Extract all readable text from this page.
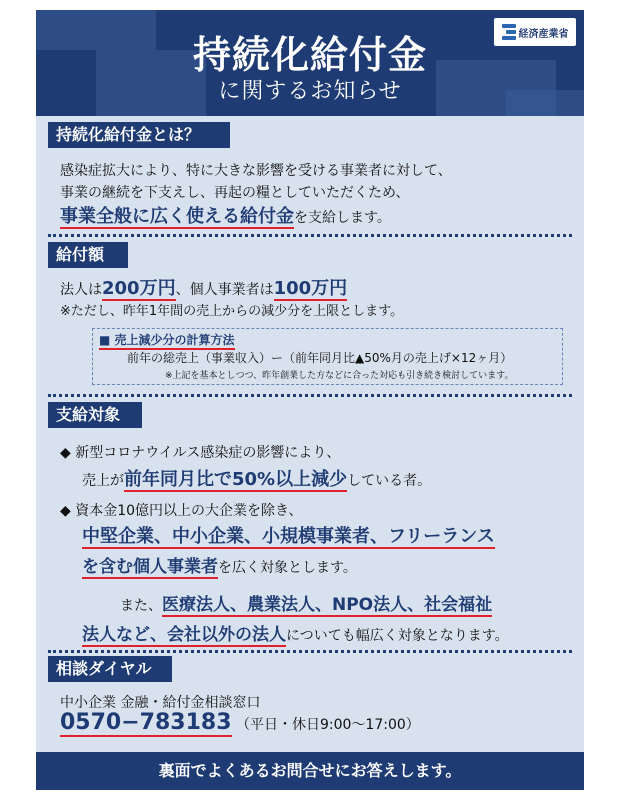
経済産業省
持続化給付金
に関するお知らせ
持続化給付金とは？
感染症拡大により、特に大きな影響を受ける事業者に対して、
事業の継続を下支えし、再起の糧としていただくため、
事業全般に広く使える給付金を支給します。
給付額
法人は200万円、個人事業者は100万円
※ただし、昨年1年間の売上からの減少分を上限とします。
■ 売上減少分の計算方法
前年の総売上（事業収入）ー（前年同月比▲50%月の売上げ×12ヶ月）
※上記を基本としつつ、昨年創業した方などに合った対応も引き続き検討しています。
支給対象
◆ 新型コロナウイルス感染症の影響により、
売上が前年同月比で50%以上減少している者。
◆ 資本金10億円以上の大企業を除き、
中堅企業、中小企業、小規模事業者、フリーランス
を含む個人事業者を広く対象とします。
また、医療法人、農業法人、NPO法人、社会福祉
法人など、会社以外の法人についても幅広く対象となります。
相談ダイヤル
中小企業 金融・給付金相談窓口
0570−783183 （平日・休日9:00〜17:00）
裏面でよくあるお問合せにお答えします。
